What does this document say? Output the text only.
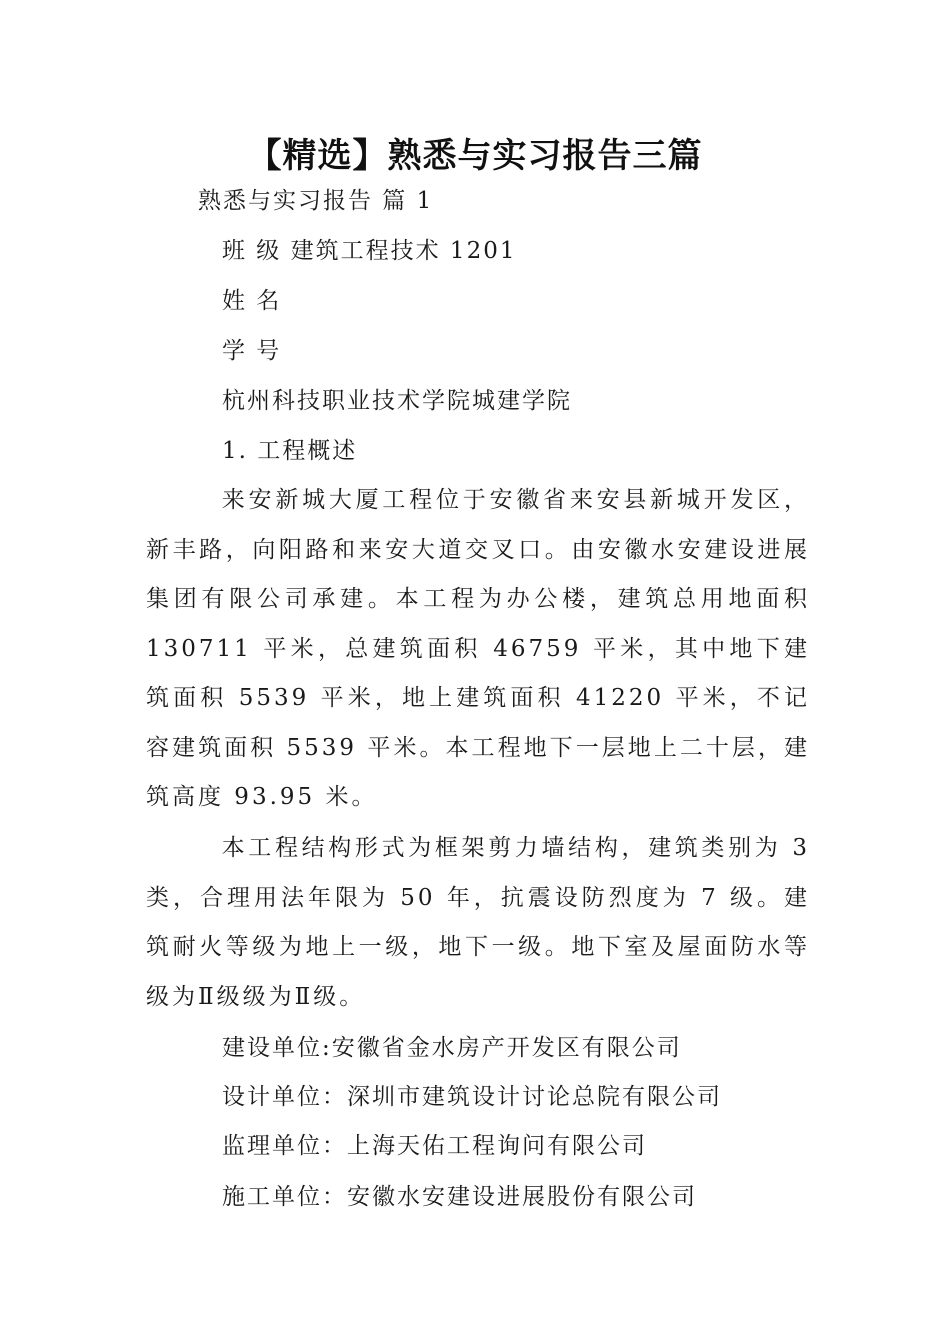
【精选】熟悉与实习报告三篇
熟悉与实习报告 篇 1
班 级 建筑工程技术 1201
姓 名
学 号
杭州科技职业技术学院城建学院
1. 工程概述
来安新城大厦工程位于安徽省来安县新城开发区，新丰路，向阳路和来安大道交叉口。由安徽水安建设进展集团有限公司承建。本工程为办公楼，建筑总用地面积 130711 平米，总建筑面积 46759 平米，其中地下建筑面积 5539 平米，地上建筑面积 41220 平米，不记容建筑面积 5539 平米。本工程地下一层地上二十层，建筑高度 93.95 米。
本工程结构形式为框架剪力墙结构，建筑类别为 3 类，合理用法年限为 50 年，抗震设防烈度为 7 级。建筑耐火等级为地上一级，地下一级。地下室及屋面防水等级为Ⅱ级级为Ⅱ级。
建设单位:安徽省金水房产开发区有限公司
设计单位：深圳市建筑设计讨论总院有限公司
监理单位：上海天佑工程询问有限公司
施工单位：安徽水安建设进展股份有限公司
